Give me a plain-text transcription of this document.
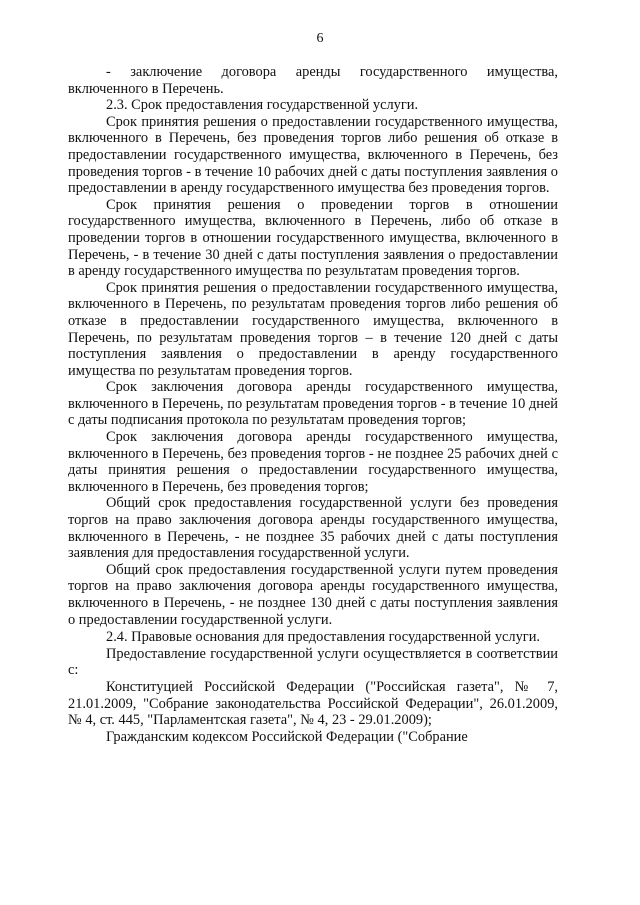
6

- заключение договора аренды государственного имущества, включенного в Перечень.

2.3. Срок предоставления государственной услуги.

Срок принятия решения о предоставлении государственного имущества, включенного в Перечень, без проведения торгов либо решения об отказе в предоставлении государственного имущества, включенного в Перечень, без проведения торгов - в течение 10 рабочих дней с даты поступления заявления о предоставлении в аренду государственного имущества без проведения торгов.

Срок принятия решения о проведении торгов в отношении государственного имущества, включенного в Перечень, либо об отказе в проведении торгов в отношении государственного имущества, включенного в Перечень, - в течение 30 дней с даты поступления заявления о предоставлении в аренду государственного имущества по результатам проведения торгов.

Срок принятия решения о предоставлении государственного имущества, включенного в Перечень, по результатам проведения торгов либо решения об отказе в предоставлении государственного имущества, включенного в Перечень, по результатам проведения торгов – в течение 120 дней с даты поступления заявления о предоставлении в аренду государственного имущества по результатам проведения торгов.

Срок заключения договора аренды государственного имущества, включенного в Перечень, по результатам проведения торгов - в течение 10 дней с даты подписания протокола по результатам проведения торгов;

Срок заключения договора аренды государственного имущества, включенного в Перечень, без проведения торгов - не позднее 25 рабочих дней с даты принятия решения о предоставлении государственного имущества, включенного в Перечень, без проведения торгов;

Общий срок предоставления государственной услуги без проведения торгов на право заключения договора аренды государственного имущества, включенного в Перечень, - не позднее 35 рабочих дней с даты поступления заявления для предоставления государственной услуги.

Общий срок предоставления государственной услуги путем проведения торгов на право заключения договора аренды государственного имущества, включенного в Перечень, - не позднее 130 дней с даты поступления заявления о предоставлении государственной услуги.

2.4. Правовые основания для предоставления государственной услуги.

Предоставление государственной услуги осуществляется в соответствии с:

Конституцией Российской Федерации ("Российская газета", № 7, 21.01.2009, "Собрание законодательства Российской Федерации", 26.01.2009, № 4, ст. 445, "Парламентская газета", № 4, 23 - 29.01.2009);

Гражданским кодексом Российской Федерации ("Собрание
